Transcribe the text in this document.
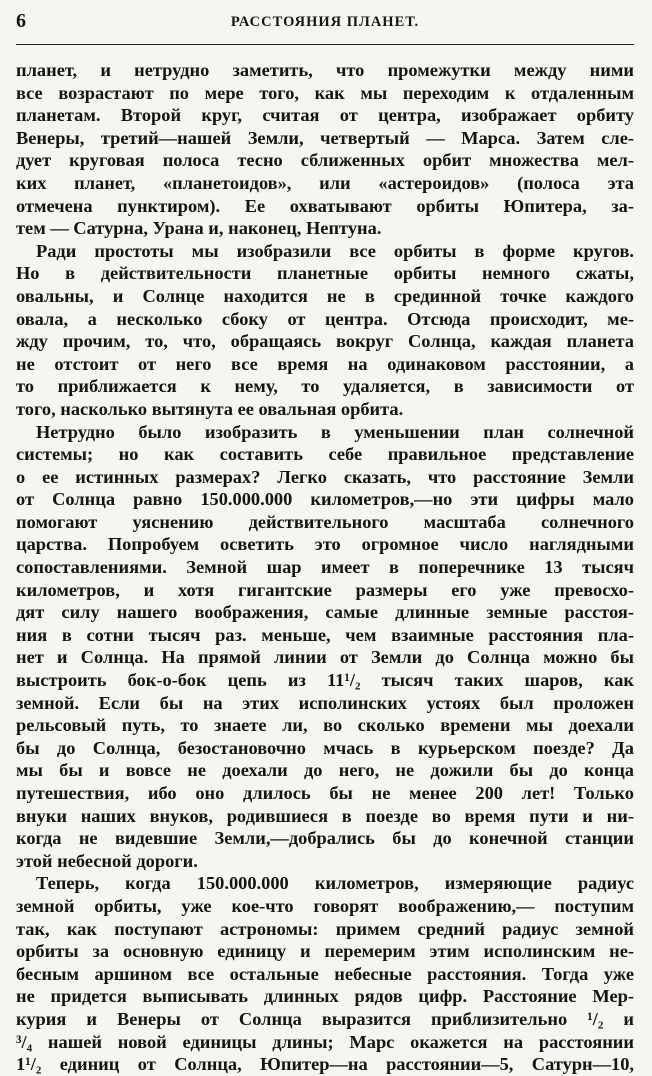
6	РАССТОЯНИЯ ПЛАНЕТ.

планет, и нетрудно заметить, что промежутки между ними
все возрастают по мере того, как мы переходим к отдаленным
планетам. Второй круг, считая от центра, изображает орбиту
Венеры, третий—нашей Земли, четвертый — Марса. Затем сле-
дует круговая полоса тесно сближенных орбит множества мел-
ких планет, «планетоидов», или «астероидов» (полоса эта
отмечена пунктиром). Ее охватывают орбиты Юпитера, за-
тем — Сатурна, Урана и, наконец, Нептуна.

Ради простоты мы изобразили все орбиты в форме кругов.
Но в действительности планетные орбиты немного сжаты,
овальны, и Солнце находится не в срединной точке каждого
овала, а несколько сбоку от центра. Отсюда происходит, ме-
жду прочим, то, что, обращаясь вокруг Солнца, каждая планета
не отстоит от него все время на одинаковом расстоянии, а
то приближается к нему, то удаляется, в зависимости от
того, насколько вытянута ее овальная орбита.

Нетрудно было изобразить в уменьшении план солнечной
системы; но как составить себе правильное представление
о ее истинных размерах? Легко сказать, что расстояние Земли
от Солнца равно 150.000.000 километров,—но эти цифры мало
помогают уяснению действительного масштаба солнечного
царства. Попробуем осветить это огромное число наглядными
сопоставлениями. Земной шар имеет в поперечнике 13 тысяч
километров, и хотя гигантские размеры его уже превосхо-
дят силу нашего воображения, самые длинные земные расстоя-
ния в сотни тысяч раз. меньше, чем взаимные расстояния пла-
нет и Солнца. На прямой линии от Земли до Солнца можно бы
выстроить бок-о-бок цепь из 11¹/₂ тысяч таких шаров, как
земной. Если бы на этих исполинских устоях был проложен
рельсовый путь, то знаете ли, во сколько времени мы доехали
бы до Солнца, безостановочно мчась в курьерском поезде? Да
мы бы и вовсе не доехали до него, не дожили бы до конца
путешествия, ибо оно длилось бы не менее 200 лет! Только
внуки наших внуков, родившиеся в поезде во время пути и ни-
когда не видевшие Земли,—добрались бы до конечной станции
этой небесной дороги.

Теперь, когда 150.000.000 километров, измеряющие радиус
земной орбиты, уже кое-что говорят воображению,— поступим
так, как поступают астрономы: примем средний радиус земной
орбиты за основную единицу и перемерим этим исполинским не-
бесным аршином все остальные небесные расстояния. Тогда уже
не придется выписывать длинных рядов цифр. Расстояние Мер-
курия и Венеры от Солнца выразится приблизительно ¹/₂ и
³/₄ нашей новой единицы длины; Марс окажется на расстоянии
1¹/₂ единиц от Солнца, Юпитер—на расстоянии—5, Сатурн—10,
